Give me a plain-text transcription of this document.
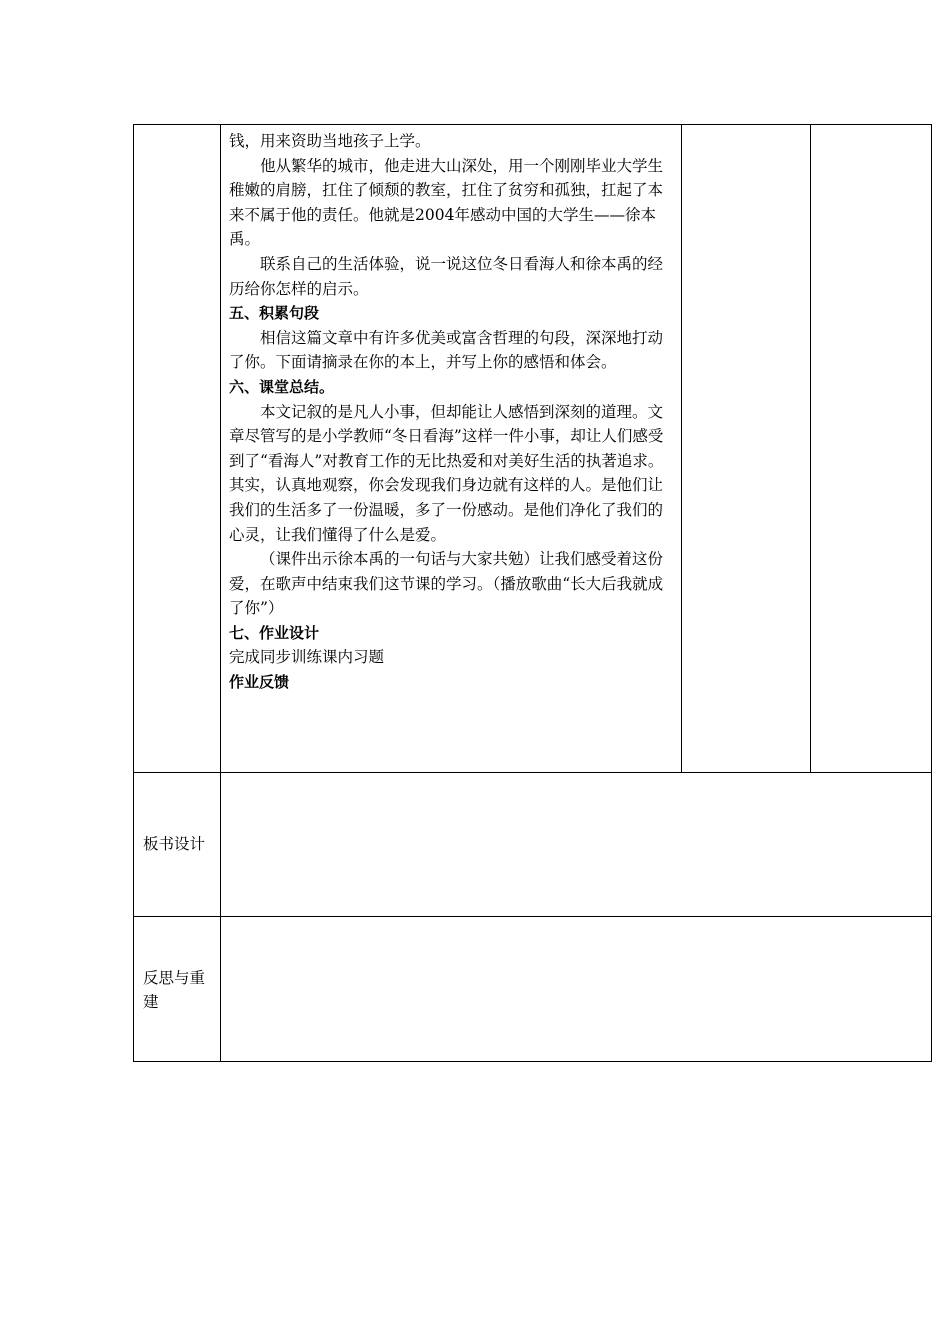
钱，用来资助当地孩子上学。

他从繁华的城市，他走进大山深处，用一个刚刚毕业大学生稚嫩的肩膀，扛住了倾颓的教室，扛住了贫穷和孤独，扛起了本来不属于他的责任。他就是2004年感动中国的大学生——徐本禹。

联系自己的生活体验，说一说这位冬日看海人和徐本禹的经历给你怎样的启示。

五、积累句段

相信这篇文章中有许多优美或富含哲理的句段，深深地打动了你。下面请摘录在你的本上，并写上你的感悟和体会。

六、课堂总结。

本文记叙的是凡人小事，但却能让人感悟到深刻的道理。文章尽管写的是小学教师“冬日看海”这样一件小事，却让人们感受到了“看海人”对教育工作的无比热爱和对美好生活的执著追求。其实，认真地观察，你会发现我们身边就有这样的人。是他们让我们的生活多了一份温暖，多了一份感动。是他们净化了我们的心灵，让我们懂得了什么是爱。

（课件出示徐本禹的一句话与大家共勉）让我们感受着这份爱，在歌声中结束我们这节课的学习。（播放歌曲“长大后我就成了你”）

七、作业设计

完成同步训练课内习题

作业反馈

板书设计
反思与重建
